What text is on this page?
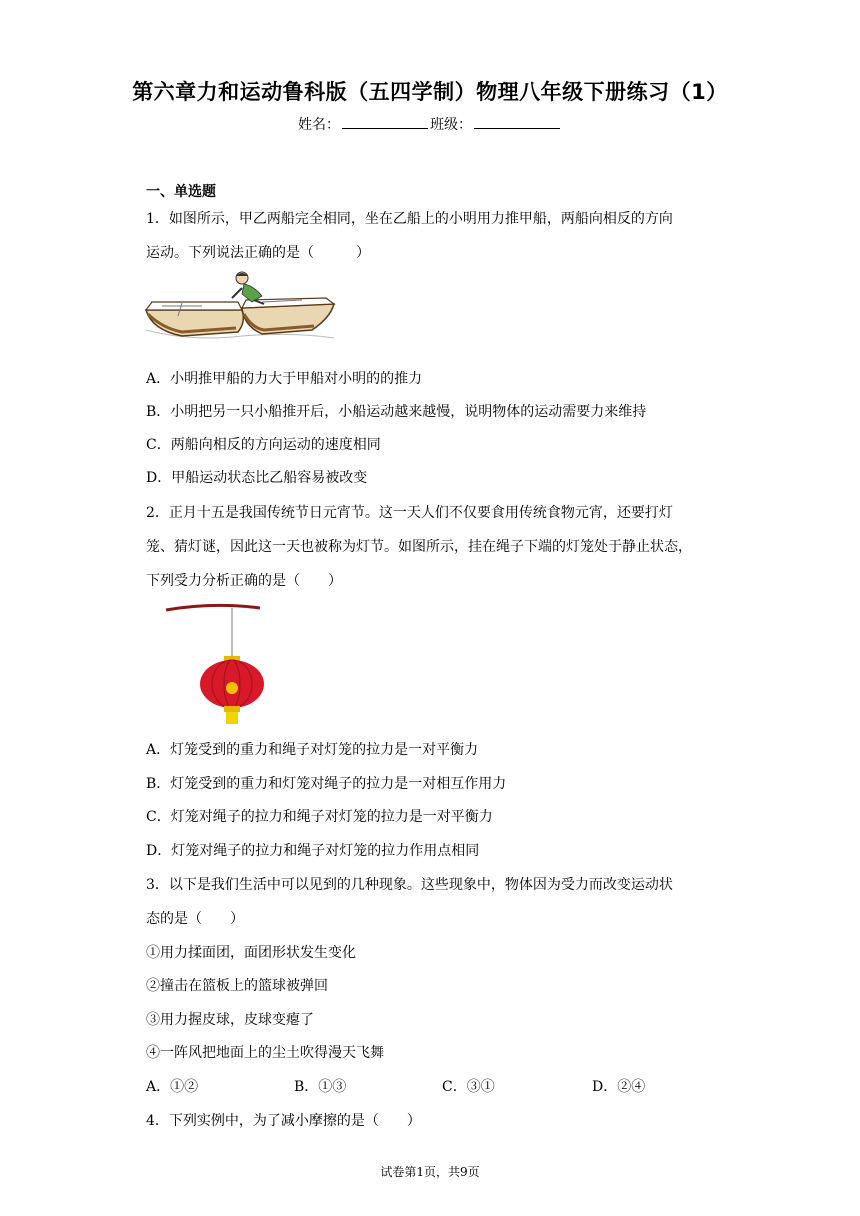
第六章力和运动鲁科版（五四学制）物理八年级下册练习（1）
姓名：	班级：
一、单选题
1．如图所示，甲乙两船完全相同，坐在乙船上的小明用力推甲船，两船向相反的方向
运动。下列说法正确的是（　　　）
A．小明推甲船的力大于甲船对小明的的推力
B．小明把另一只小船推开后，小船运动越来越慢，说明物体的运动需要力来维持
C．两船向相反的方向运动的速度相同
D．甲船运动状态比乙船容易被改变
2．正月十五是我国传统节日元宵节。这一天人们不仅要食用传统食物元宵，还要打灯
笼、猜灯谜，因此这一天也被称为灯节。如图所示，挂在绳子下端的灯笼处于静止状态，
下列受力分析正确的是（　　）
A．灯笼受到的重力和绳子对灯笼的拉力是一对平衡力
B．灯笼受到的重力和灯笼对绳子的拉力是一对相互作用力
C．灯笼对绳子的拉力和绳子对灯笼的拉力是一对平衡力
D．灯笼对绳子的拉力和绳子对灯笼的拉力作用点相同
3．以下是我们生活中可以见到的几种现象。这些现象中，物体因为受力而改变运动状
态的是（　　）
①用力揉面团，面团形状发生变化
②撞击在篮板上的篮球被弹回
③用力握皮球，皮球变瘪了
④一阵风把地面上的尘土吹得漫天飞舞
A．①②	B．①③	C．③①	D．②④
4．下列实例中，为了减小摩擦的是（　　）
试卷第1页，共9页
